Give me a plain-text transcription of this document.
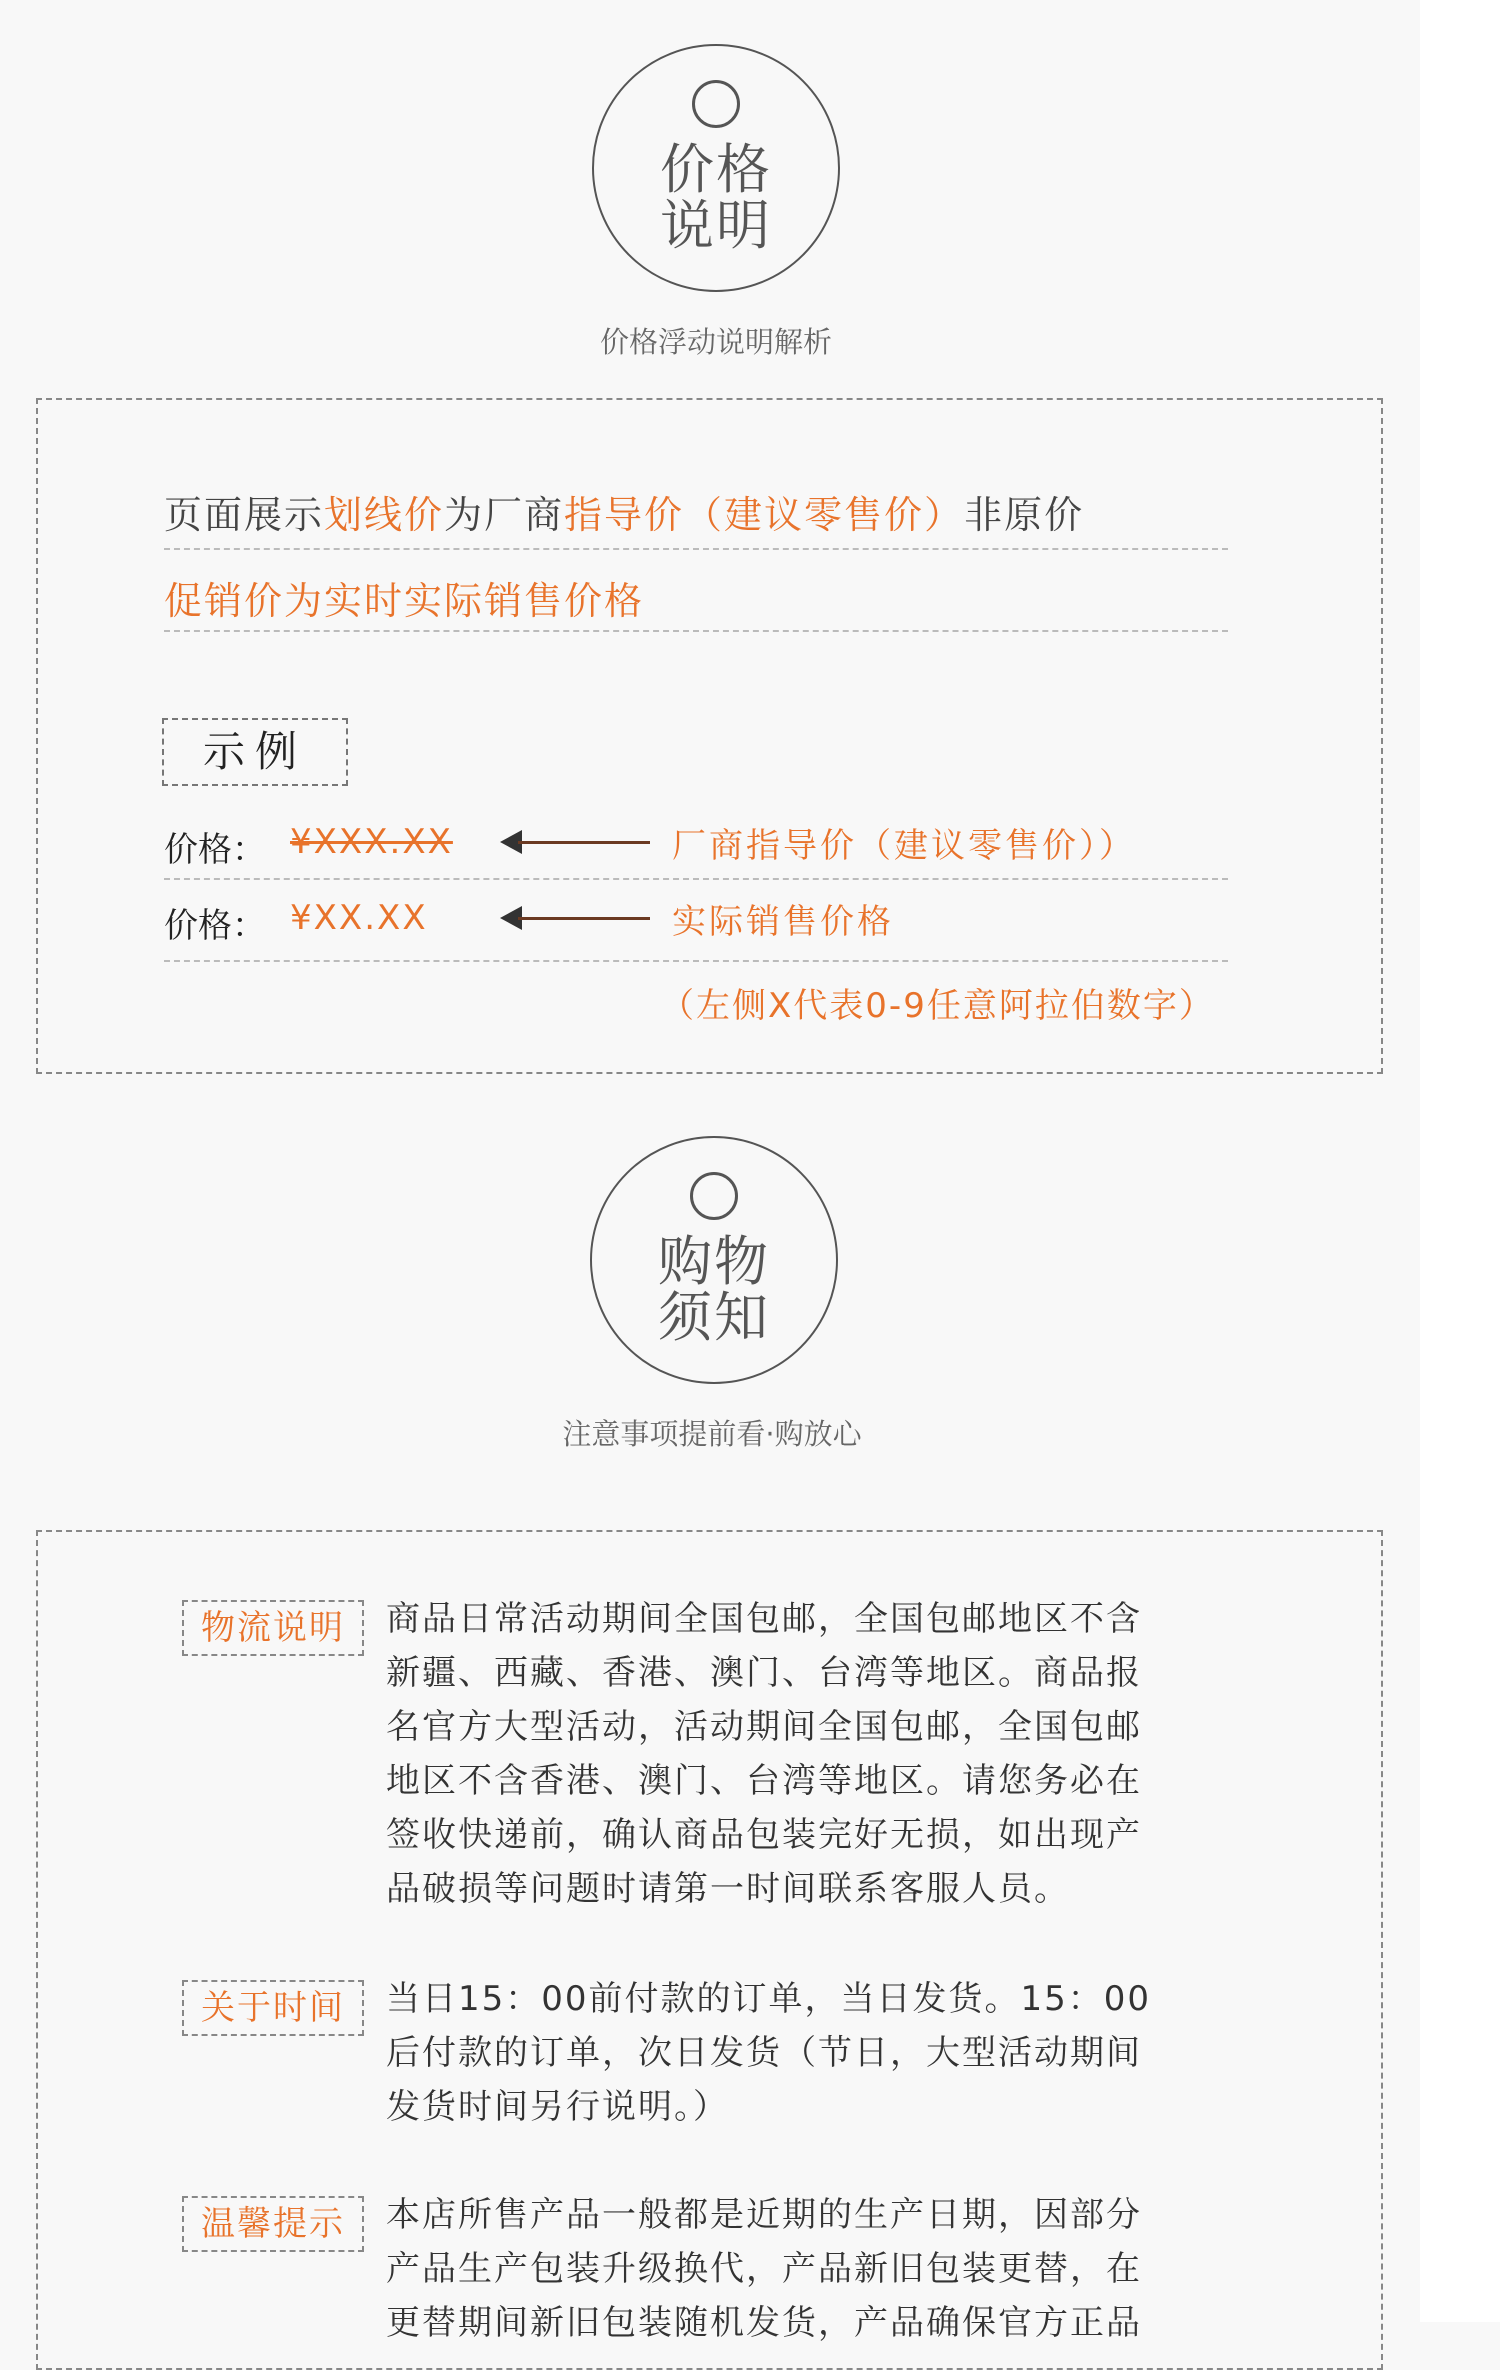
价格
说明
价格浮动说明解析
页面展示划线价为厂商指导价（建议零售价）非原价
促销价为实时实际销售价格
示例
价格： ¥XXX.XX	厂商指导价（建议零售价））
价格： ¥XX.XX	实际销售价格
（左侧X代表0-9任意阿拉伯数字）
购物
须知
注意事项提前看·购放心
物流说明	商品日常活动期间全国包邮，全国包邮地区不含
新疆、西藏、香港、澳门、台湾等地区。商品报
名官方大型活动，活动期间全国包邮，全国包邮
地区不含香港、澳门、台湾等地区。请您务必在
签收快递前，确认商品包装完好无损，如出现产
品破损等问题时请第一时间联系客服人员。
关于时间	当日15：00前付款的订单，当日发货。15：00
后付款的订单，次日发货（节日，大型活动期间
发货时间另行说明。）
温馨提示	本店所售产品一般都是近期的生产日期，因部分
产品生产包装升级换代，产品新旧包装更替，在
更替期间新旧包装随机发货，产品确保官方正品
